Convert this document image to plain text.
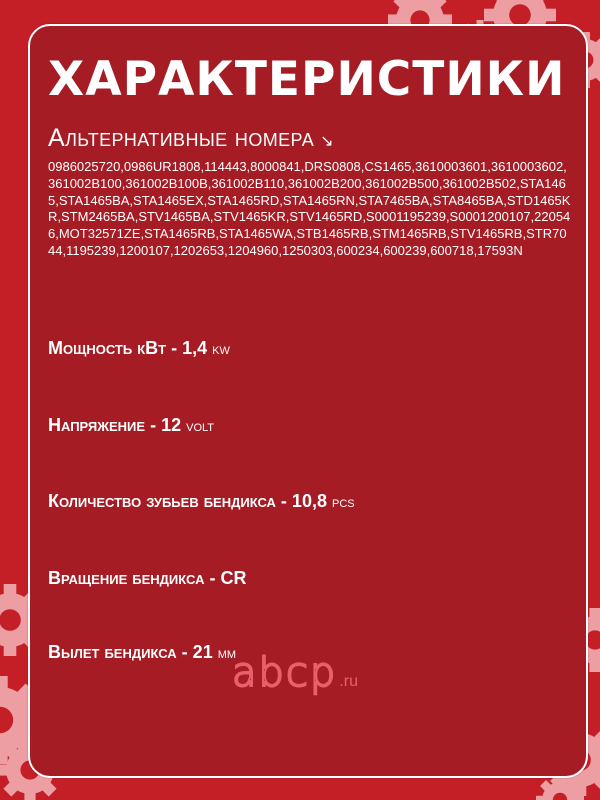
ХАРАКТЕРИСТИКИ
Альтернативные номера ↘

0986025720,0986UR1808,114443,8000841,DRS0808,CS1465,3610003601,3610003602,361002B100,361002B100B,361002B110,361002B200,361002B500,361002B502,STA1465,STA1465BA,STA1465EX,STA1465RD,STA1465RN,STA7465BA,STA8465BA,STD1465KR,STM2465BA,STV1465BA,STV1465KR,STV1465RD,S0001195239,S0001200107,220546,MOT32571ZE,STA1465RB,STA1465WA,STB1465RB,STM1465RB,STV1465RB,STR7044,1195239,1200107,1202653,1204960,1250303,600234,600239,600718,17593N

Мощность кВт - 1,4 kw
Напряжение - 12 volt
Количество зубьев бендикса - 10,8 pcs
Вращение бендикса - CR
Вылет бендикса - 21 мм
abcp .ru
